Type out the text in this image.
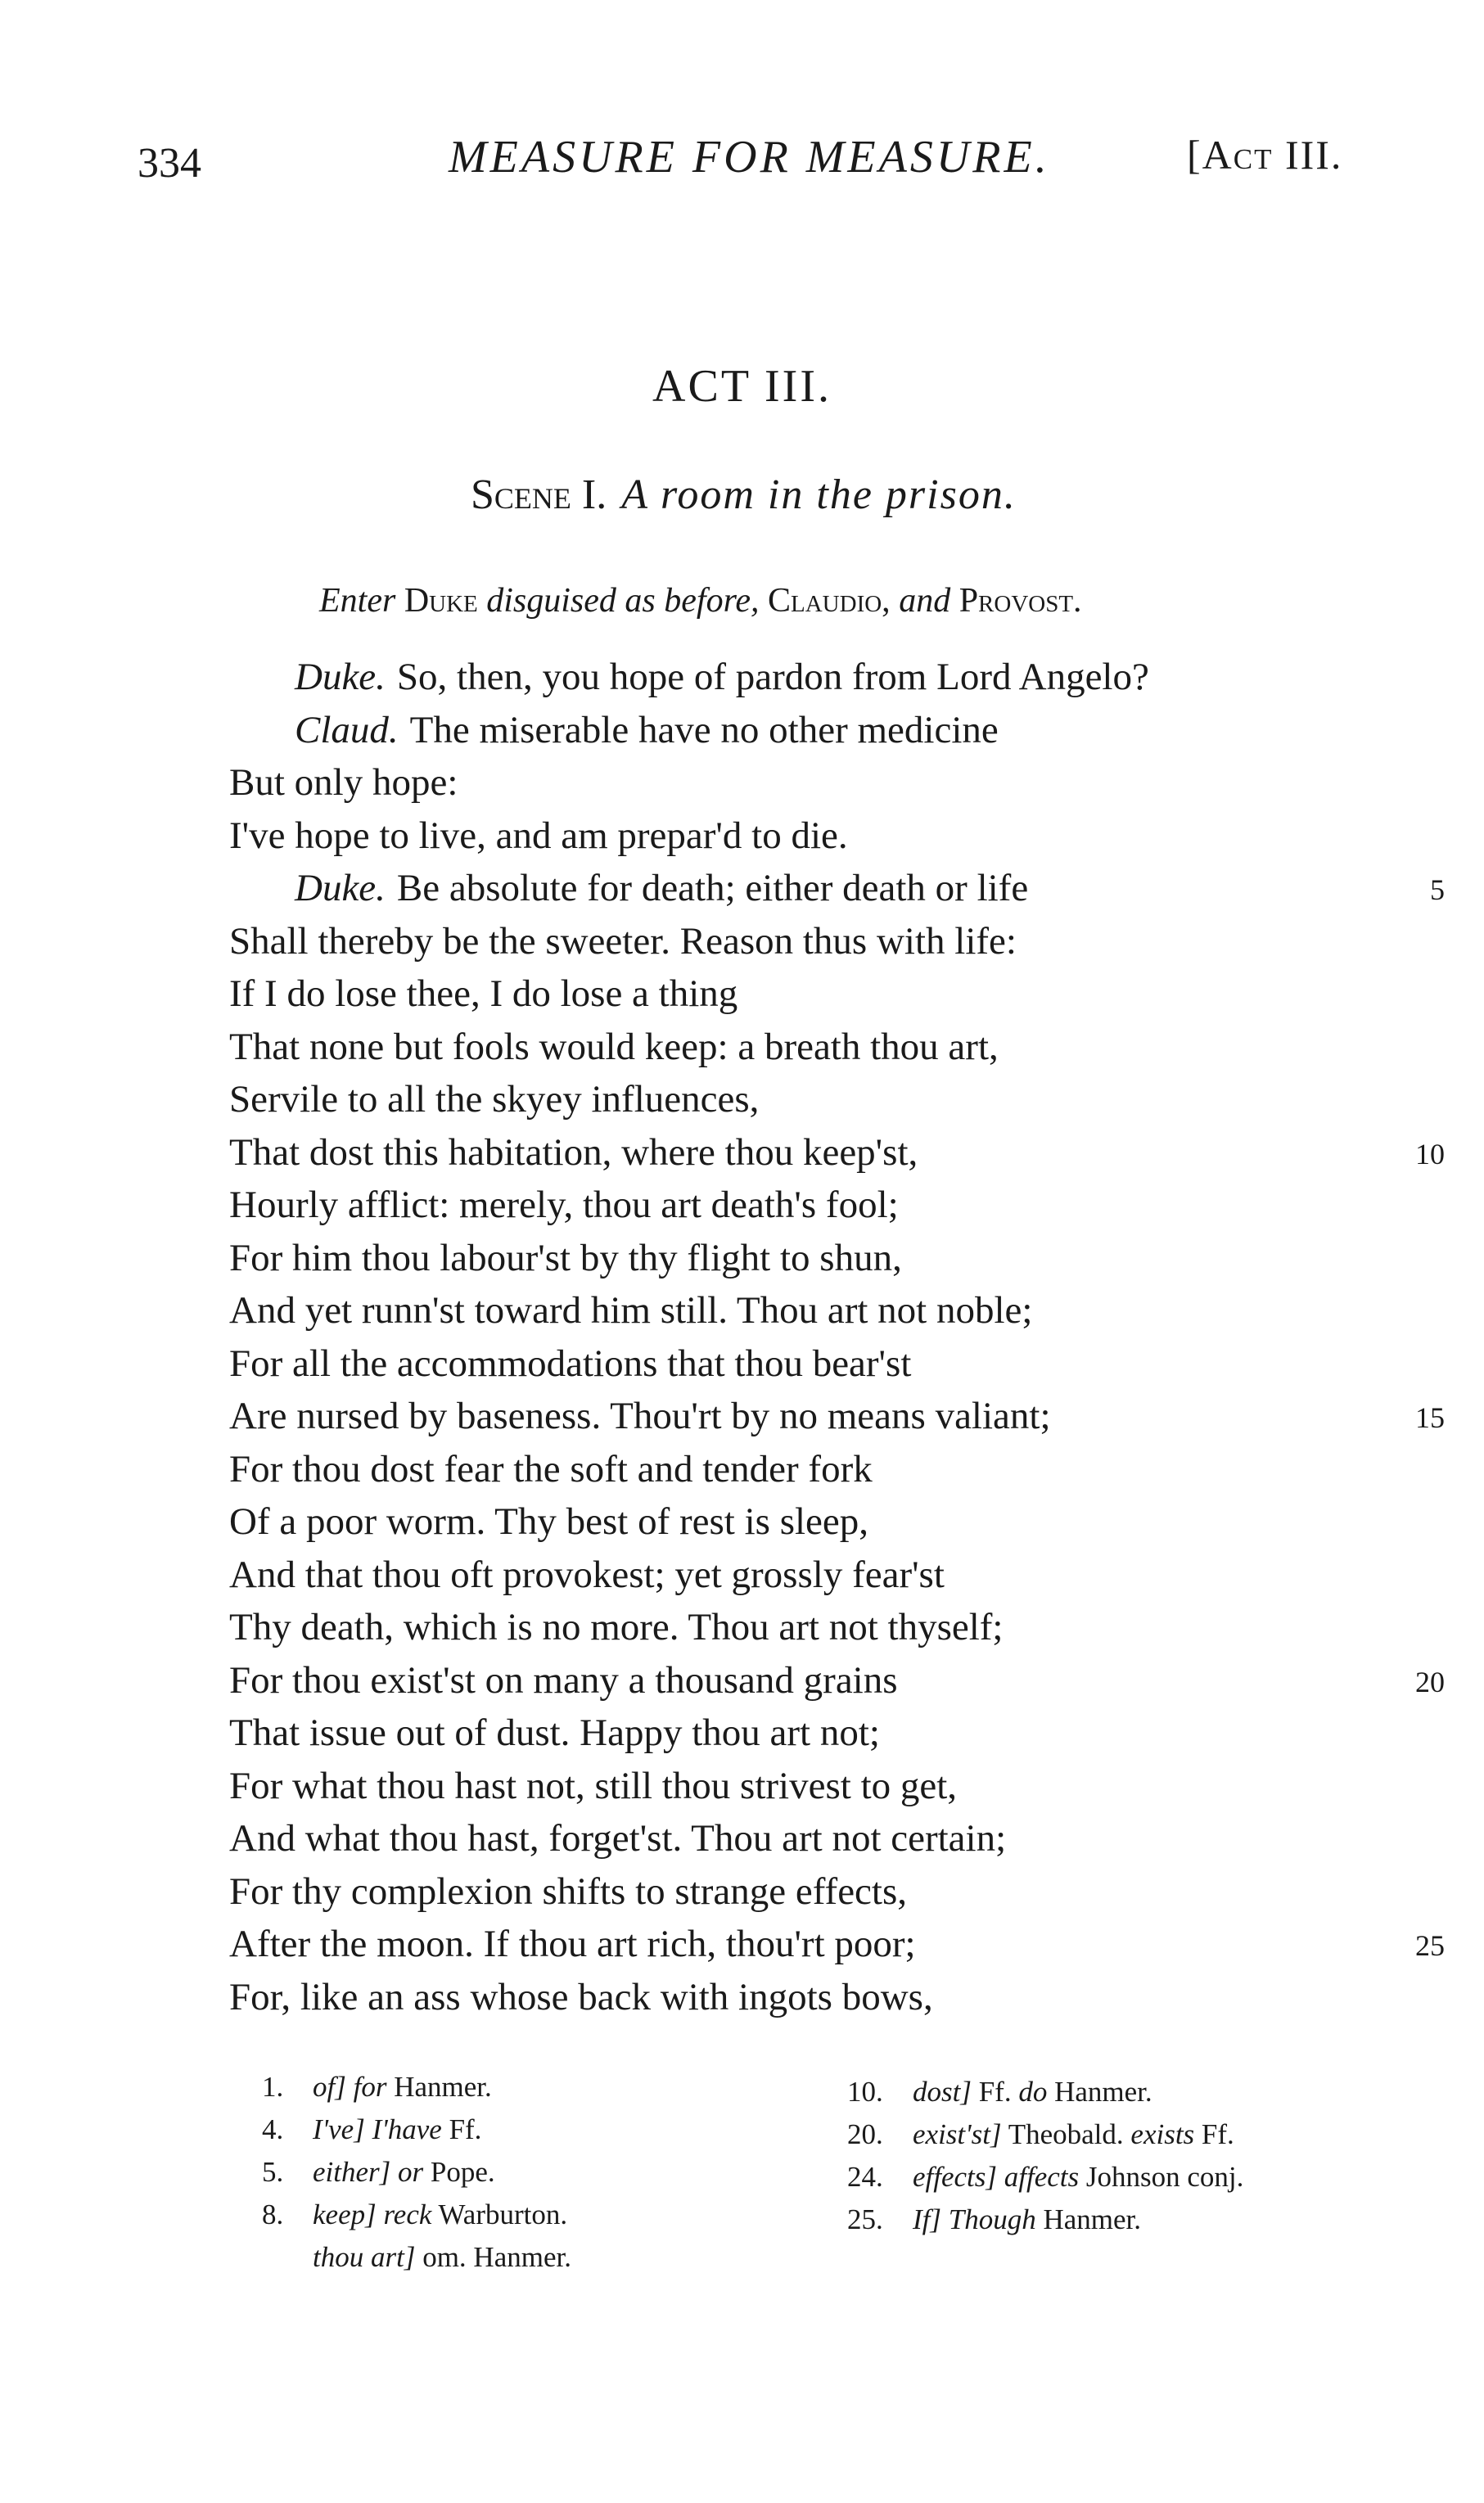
334	MEASURE FOR MEASURE.	[Act III.
ACT III.
Scene I. A room in the prison.
Enter Duke disguised as before, Claudio, and Provost.
Duke. So, then, you hope of pardon from Lord Angelo?
Claud. The miserable have no other medicine
But only hope:
I've hope to live, and am prepar'd to die.
Duke. Be absolute for death; either death or life	5
Shall thereby be the sweeter. Reason thus with life:
If I do lose thee, I do lose a thing
That none but fools would keep: a breath thou art,
Servile to all the skyey influences,
That dost this habitation, where thou keep'st,	10
Hourly afflict: merely, thou art death's fool;
For him thou labour'st by thy flight to shun,
And yet runn'st toward him still. Thou art not noble;
For all the accommodations that thou bear'st
Are nursed by baseness. Thou'rt by no means valiant;	15
For thou dost fear the soft and tender fork
Of a poor worm. Thy best of rest is sleep,
And that thou oft provokest; yet grossly fear'st
Thy death, which is no more. Thou art not thyself;
For thou exist'st on many a thousand grains	20
That issue out of dust. Happy thou art not;
For what thou hast not, still thou strivest to get,
And what thou hast, forget'st. Thou art not certain;
For thy complexion shifts to strange effects,
After the moon. If thou art rich, thou'rt poor;	25
For, like an ass whose back with ingots bows,
1. of] for Hanmer.
4. I've] I'have Ff.
5. either] or Pope.
8. keep] reck Warburton.
thou art] om. Hanmer.
10. dost] Ff. do Hanmer.
20. exist'st] Theobald. exists Ff.
24. effects] affects Johnson conj.
25. If] Though Hanmer.
